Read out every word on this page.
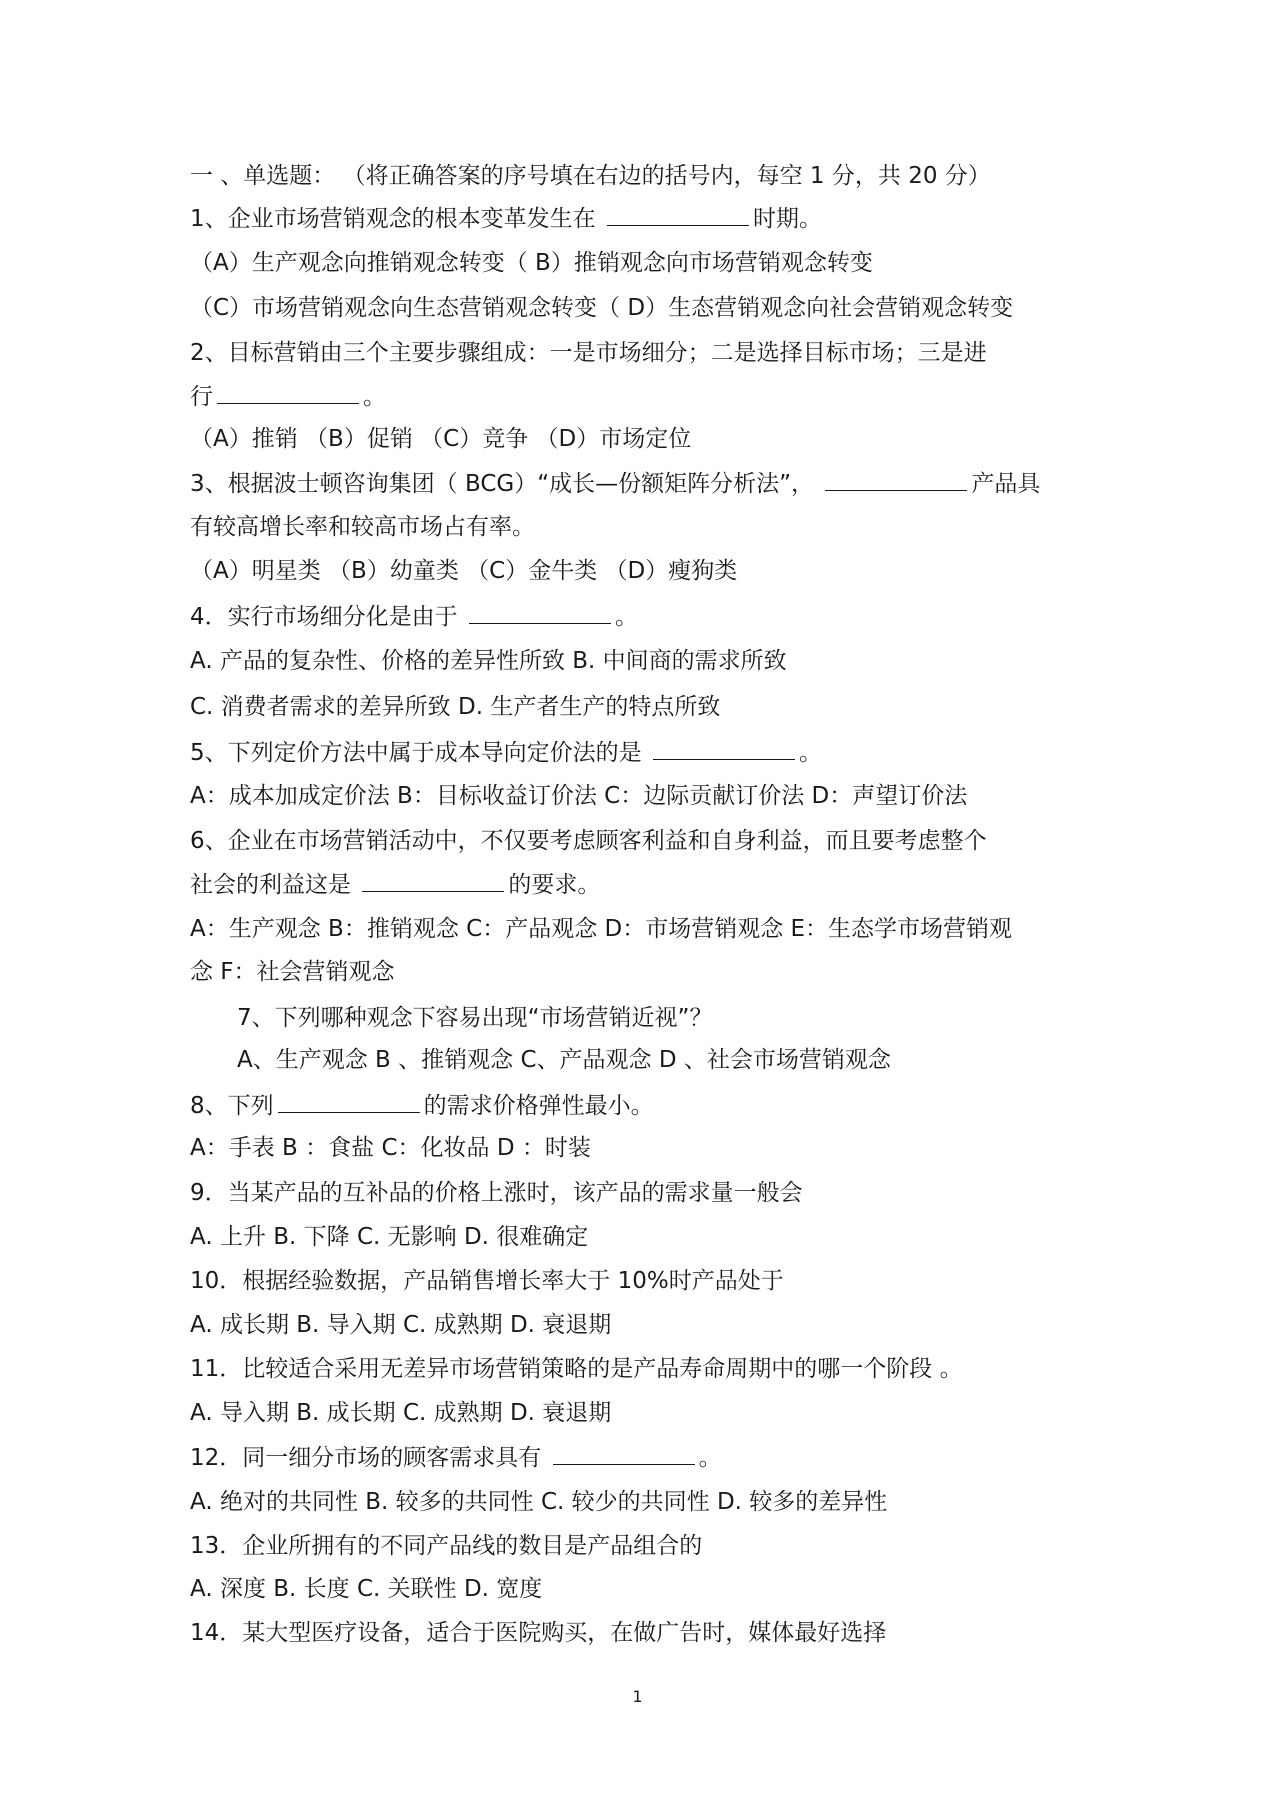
一 、单选题： （将正确答案的序号填在右边的括号内，每空 1 分，共 20 分）
1、企业市场营销观念的根本变革发生在	时期。
（A）生产观念向推销观念转变（ B）推销观念向市场营销观念转变
（C）市场营销观念向生态营销观念转变（ D）生态营销观念向社会营销观念转变
2、目标营销由三个主要步骤组成：一是市场细分；二是选择目标市场；三是进
行	。
（A）推销 （B）促销 （C）竞争 （D）市场定位
3、根据波士顿咨询集团（ BCG）“成长—份额矩阵分析法”，	产品具
有较高增长率和较高市场占有率。
（A）明星类 （B）幼童类 （C）金牛类 （D）瘦狗类
4．实行市场细分化是由于	。
A. 产品的复杂性、价格的差异性所致 B. 中间商的需求所致
C. 消费者需求的差异所致 D. 生产者生产的特点所致
5、下列定价方法中属于成本导向定价法的是	。
A：成本加成定价法 B：目标收益订价法 C：边际贡献订价法 D：声望订价法
6、企业在市场营销活动中，不仅要考虑顾客利益和自身利益，而且要考虑整个
社会的利益这是	的要求。
A：生产观念 B：推销观念 C：产品观念 D：市场营销观念 E：生态学市场营销观
念 F：社会营销观念
7、下列哪种观念下容易出现“市场营销近视”？
A、生产观念 B 、推销观念 C、产品观念 D 、社会市场营销观念
8、下列	的需求价格弹性最小。
A：手表 B ：食盐 C：化妆品 D ：时装
9．当某产品的互补品的价格上涨时，该产品的需求量一般会
A. 上升 B. 下降 C. 无影响 D. 很难确定
10．根据经验数据，产品销售增长率大于 10%时产品处于
A. 成长期 B. 导入期 C. 成熟期 D. 衰退期
11．比较适合采用无差异市场营销策略的是产品寿命周期中的哪一个阶段 。
A. 导入期 B. 成长期 C. 成熟期 D. 衰退期
12．同一细分市场的顾客需求具有	。
A. 绝对的共同性 B. 较多的共同性 C. 较少的共同性 D. 较多的差异性
13．企业所拥有的不同产品线的数目是产品组合的
A. 深度 B. 长度 C. 关联性 D. 宽度
14．某大型医疗设备，适合于医院购买，在做广告时，媒体最好选择
1
